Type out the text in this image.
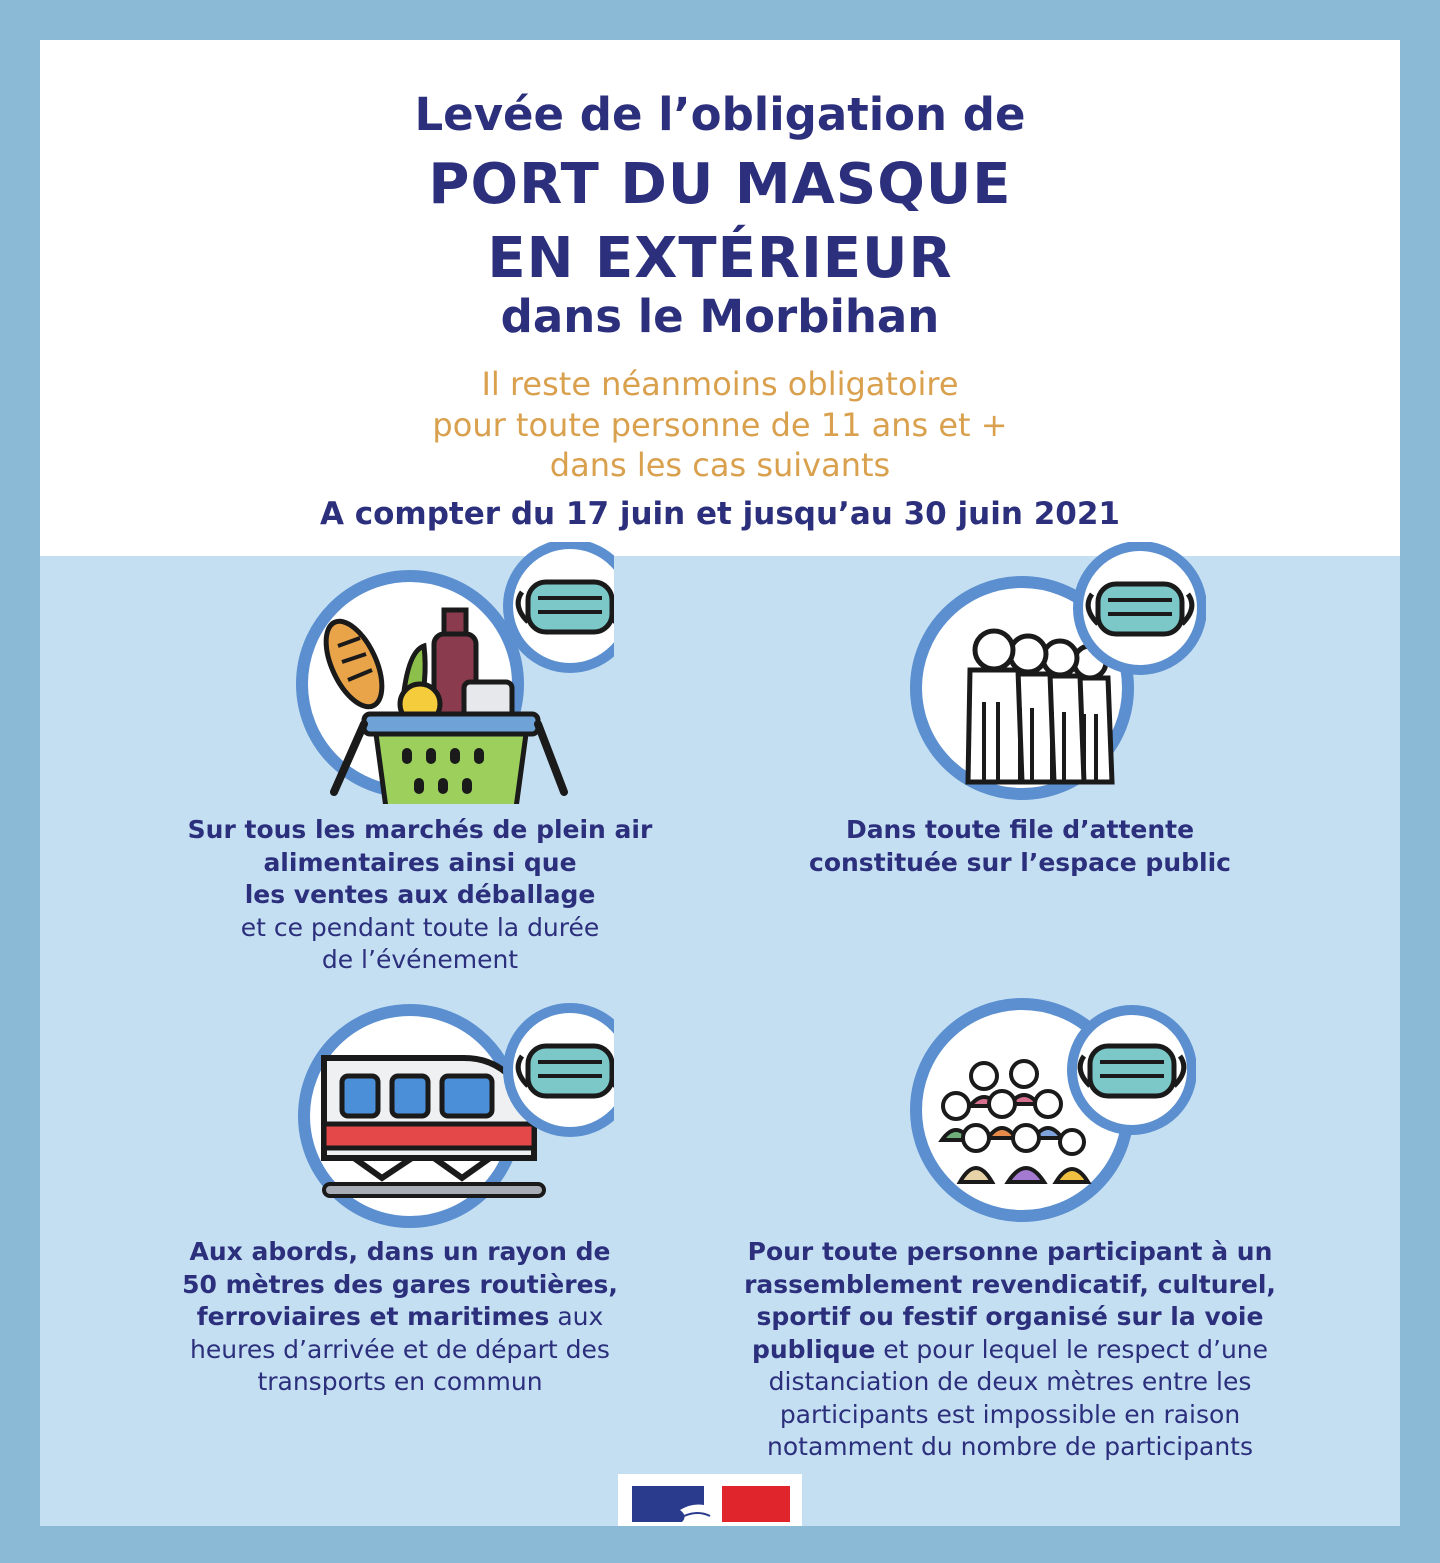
Levée de l’obligation de
PORT DU MASQUE
EN EXTÉRIEUR
dans le Morbihan
Il reste néanmoins obligatoire
pour toute personne de 11 ans et +
dans les cas suivants
A compter du 17 juin et jusqu’au 30 juin 2021
Sur tous les marchés de plein air
alimentaires ainsi que
les ventes aux déballage
et ce pendant toute la durée
de l’événement
Dans toute file d’attente
constituée sur l’espace public
Aux abords, dans un rayon de
50 mètres des gares routières,
ferroviaires et maritimes aux
heures d’arrivée et de départ des
transports en commun
Pour toute personne participant à un
rassemblement revendicatif, culturel,
sportif ou festif organisé sur la voie
publique et pour lequel le respect d’une
distanciation de deux mètres entre les
participants est impossible en raison
notamment du nombre de participants
